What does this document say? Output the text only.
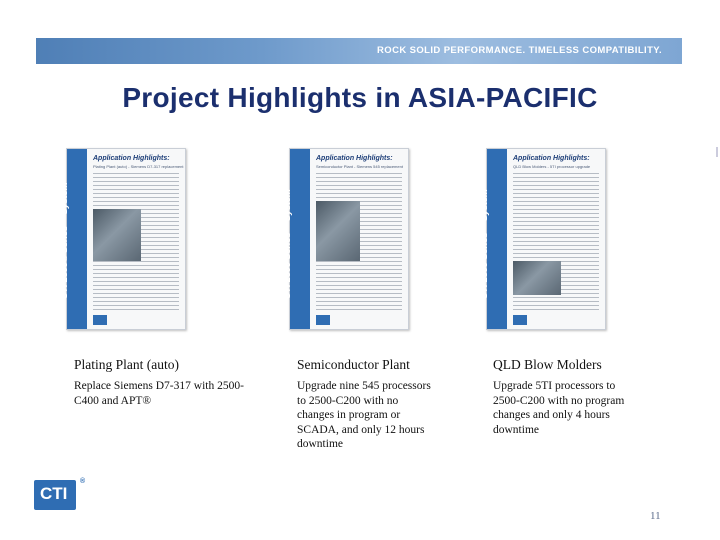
ROCK SOLID PERFORMANCE. TIMELESS COMPATIBILITY.
Project Highlights in ASIA-PACIFIC
CTI 2500® Series™ System
Application Highlights:
Plating Plant (auto) - Siemens D7-317 replacement
CTI 2500 Series™ System
Application Highlights:
Semiconductor Plant - Siemens 545 replacement
CTI 2500 Series™ System
Application Highlights:
QLD Blow Molders - 5TI processor upgrade
Plating Plant (auto)
Replace Siemens D7-317 with 2500-C400 and APT®
Semiconductor Plant
Upgrade nine 545 processors to 2500-C200 with no changes in program or SCADA, and only 12 hours downtime
QLD Blow Molders
Upgrade 5TI processors to 2500-C200 with no program changes and only 4 hours downtime
CTI
®
11
